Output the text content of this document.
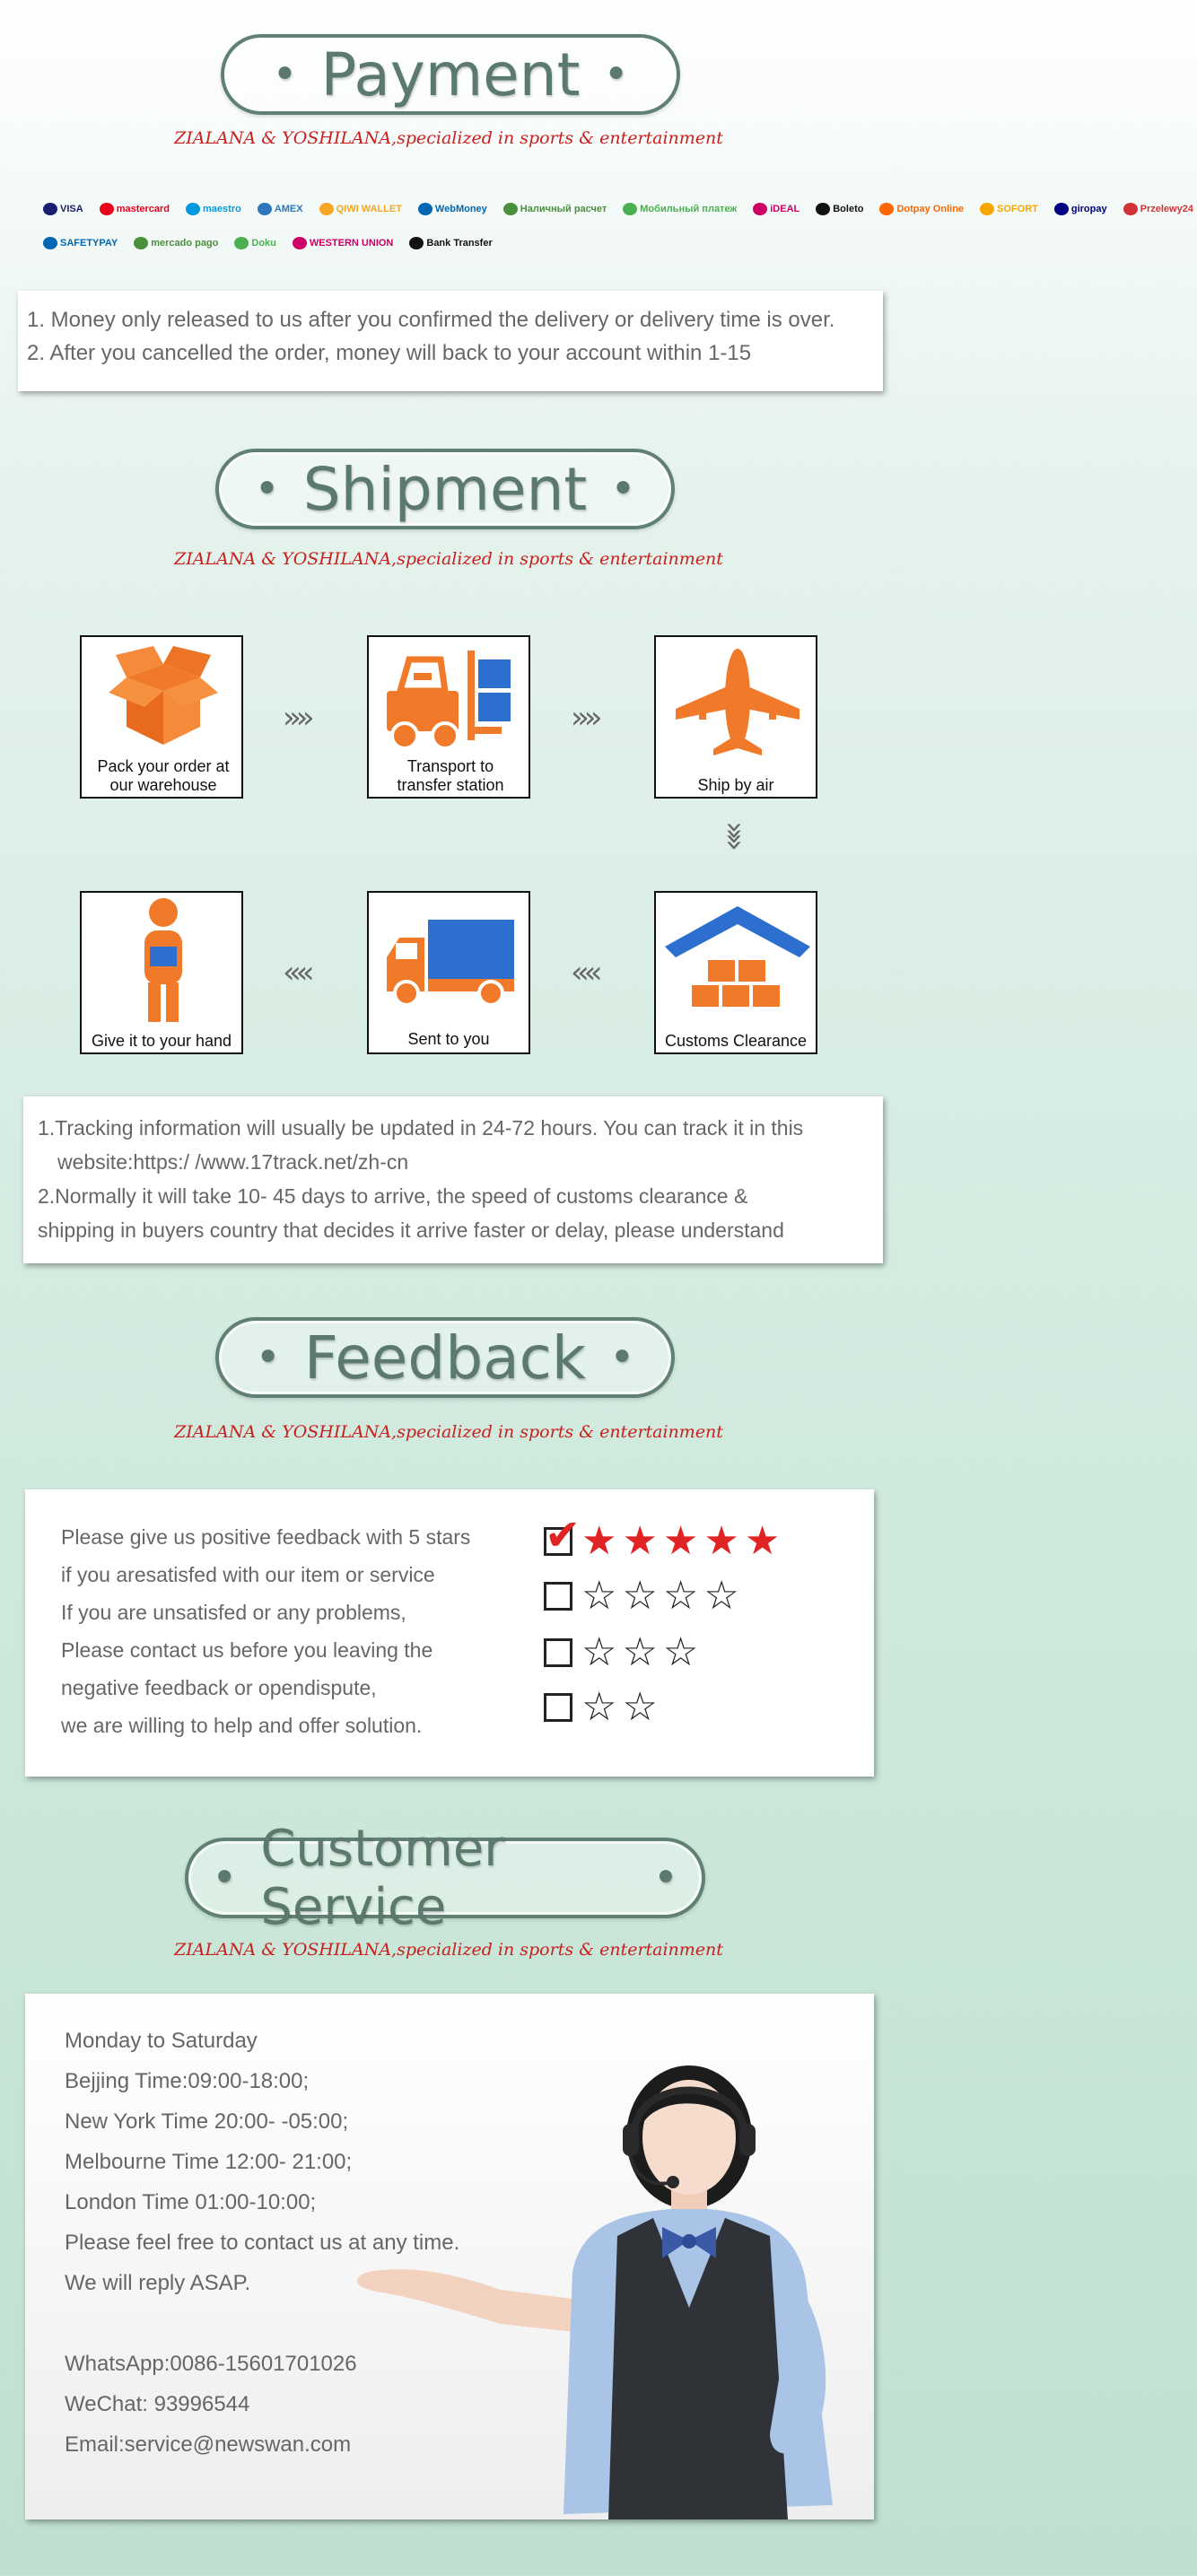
• Payment •
ZIALANA & YOSHILANA,specialized in sports & entertainment
VISA	mastercard	maestro	AMEX	QIWI WALLET	WebMoney	Наличный расчет	Мобильный платеж	iDEAL	Boleto	Dotpay Online	SOFORT	giropay	Przelewy24
SAFETYPAY	mercado pago	Doku	WESTERN UNION	Bank Transfer
1. Money only released to us after you confirmed the delivery or delivery time is over.
2. After you cancelled the order, money will back to your account within 1-15
• Shipment •
ZIALANA & YOSHILANA,specialized in sports & entertainment
Pack your order at our warehouse
»»
Transport to transfer station
»»
Ship by air
»»
Customs Clearance
««
Sent to you
««
Give it to your hand
1.Tracking information will usually be updated in 24-72 hours. You can track it in this
website:https:/ /www.17track.net/zh-cn
2.Normally it will take 10- 45 days to arrive, the speed of customs clearance &
shipping in buyers country that decides it arrive faster or delay, please understand
• Feedback •
ZIALANA & YOSHILANA,specialized in sports & entertainment
Please give us positive feedback with 5 stars
if you aresatisfed with our item or service
If you are unsatisfed or any problems,
Please contact us before you leaving the
negative feedback or opendispute,
we are willing to help and offer solution.
✔ ★ ★ ★ ★ ★
☆ ☆ ☆ ☆
☆ ☆ ☆
☆ ☆
• Customer Service	•
ZIALANA & YOSHILANA,specialized in sports & entertainment
Monday to Saturday
Bejjing Time:09:00-18:00;
New York Time 20:00- -05:00;
Melbourne Time 12:00- 21:00;
London Time 01:00-10:00;
Please feel free to contact us at any time.
We will reply ASAP.
WhatsApp:0086-15601701026
WeChat: 93996544
Email:service@newswan.com
